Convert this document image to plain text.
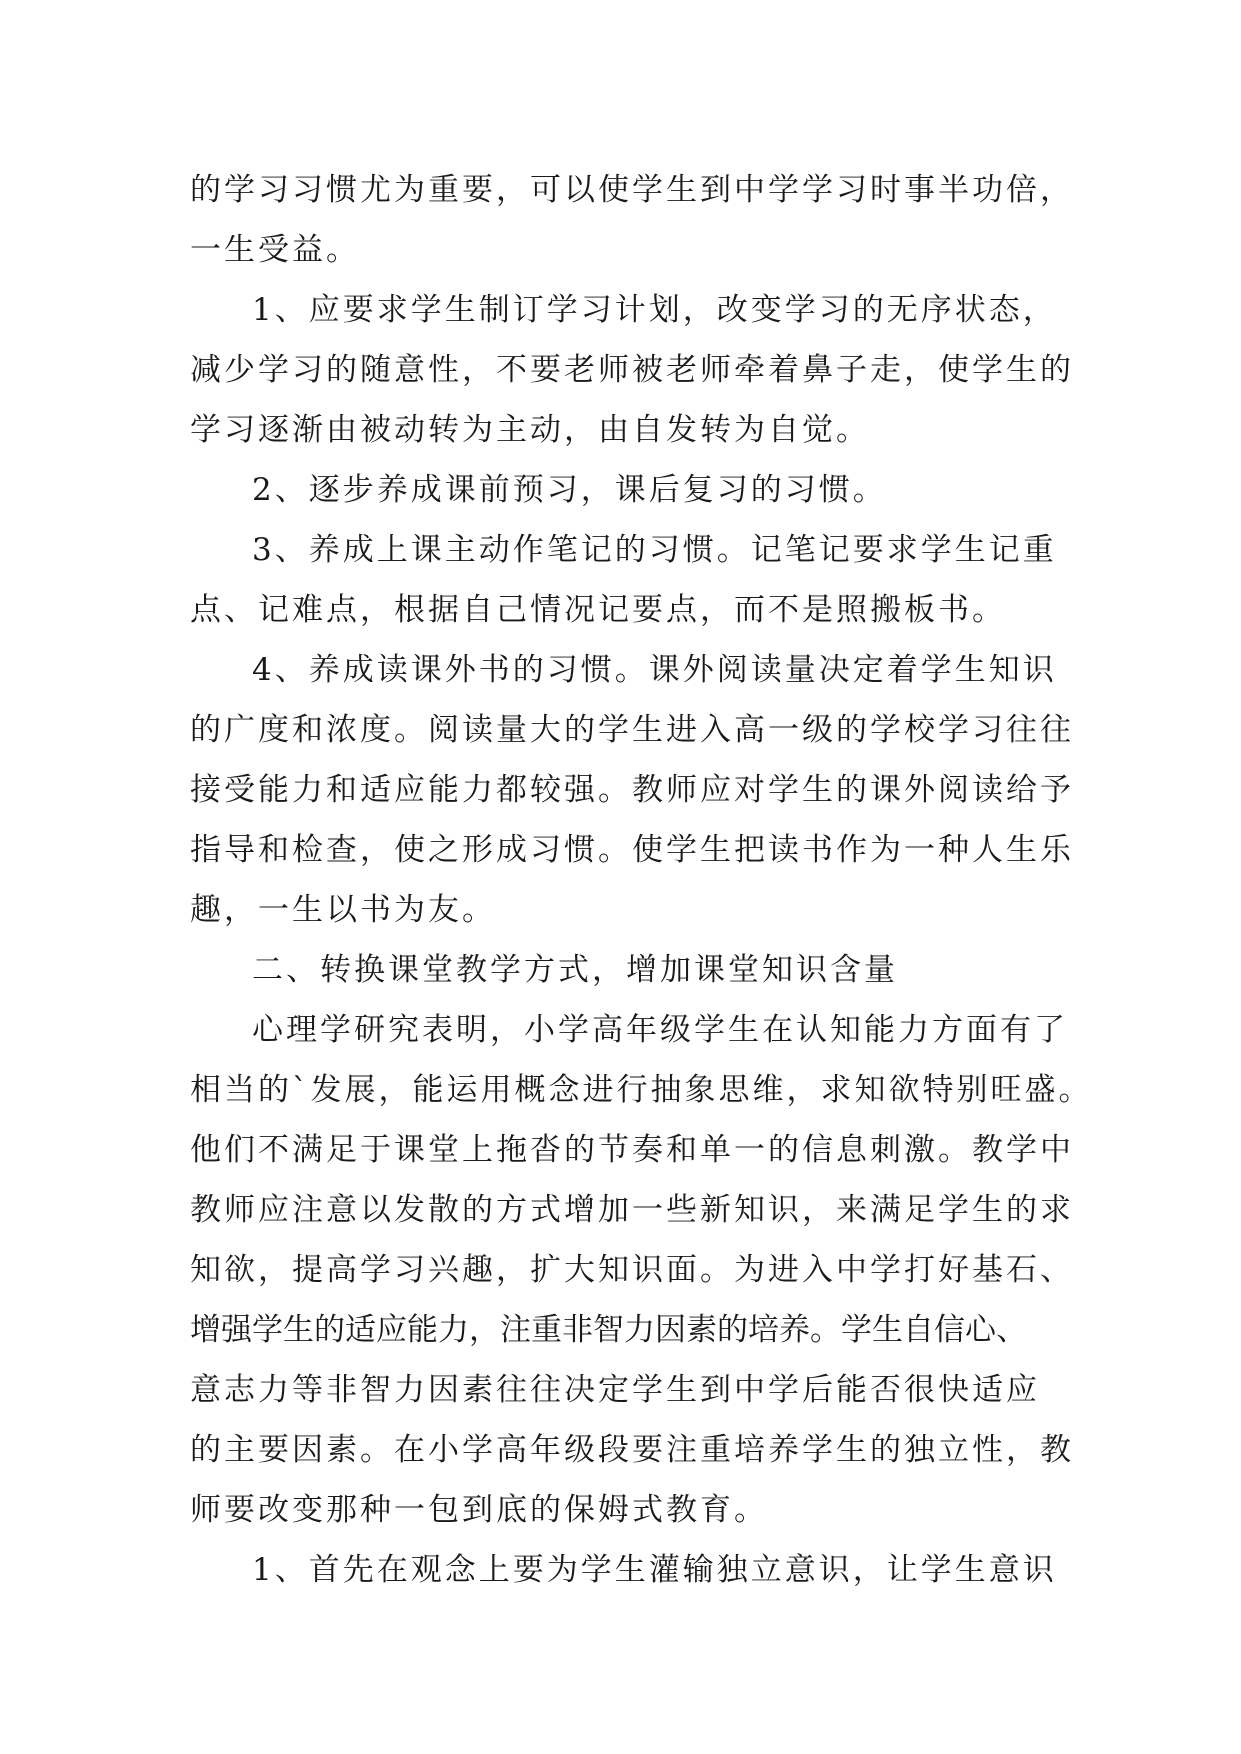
的学习习惯尤为重要，可以使学生到中学学习时事半功倍，
一生受益。
1、应要求学生制订学习计划，改变学习的无序状态，
减少学习的随意性，不要老师被老师牵着鼻子走，使学生的
学习逐渐由被动转为主动，由自发转为自觉。
2、逐步养成课前预习，课后复习的习惯。
3、养成上课主动作笔记的习惯。记笔记要求学生记重
点、记难点，根据自己情况记要点，而不是照搬板书。
4、养成读课外书的习惯。课外阅读量决定着学生知识
的广度和浓度。阅读量大的学生进入高一级的学校学习往往
接受能力和适应能力都较强。教师应对学生的课外阅读给予
指导和检查，使之形成习惯。使学生把读书作为一种人生乐
趣，一生以书为友。
二、转换课堂教学方式，增加课堂知识含量
心理学研究表明，小学高年级学生在认知能力方面有了
相当的`发展，能运用概念进行抽象思维，求知欲特别旺盛。
他们不满足于课堂上拖沓的节奏和单一的信息刺激。教学中
教师应注意以发散的方式增加一些新知识，来满足学生的求
知欲，提高学习兴趣，扩大知识面。为进入中学打好基石、
增强学生的适应能力，注重非智力因素的培养。学生自信心、
意志力等非智力因素往往决定学生到中学后能否很快适应
的主要因素。在小学高年级段要注重培养学生的独立性，教
师要改变那种一包到底的保姆式教育。
1、首先在观念上要为学生灌输独立意识，让学生意识
